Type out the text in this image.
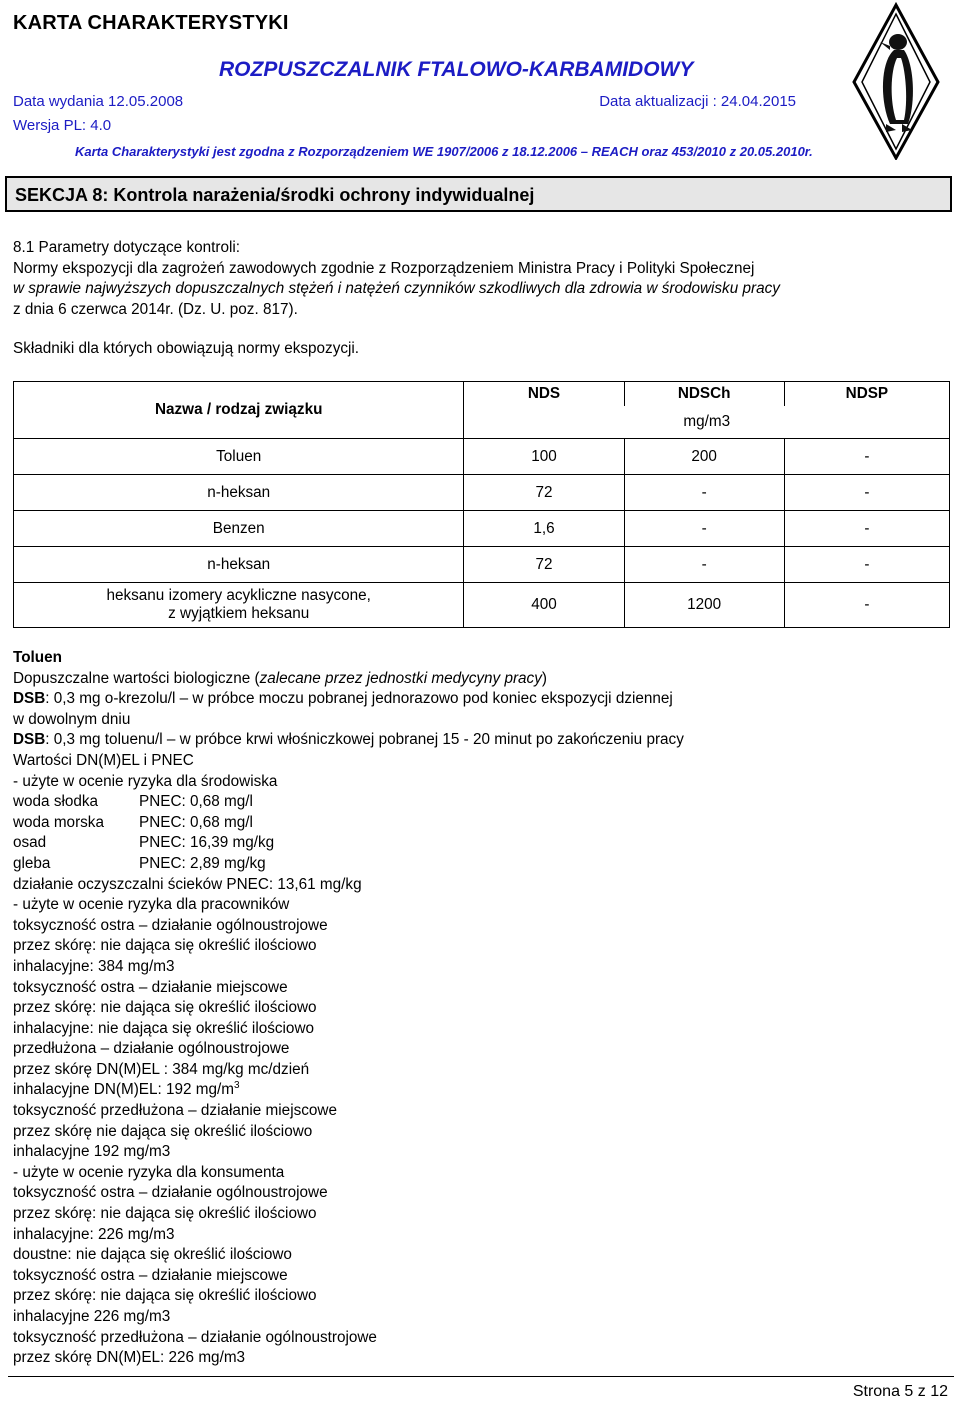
KARTA CHARAKTERYSTYKI
ROZPUSZCZALNIK FTALOWO-KARBAMIDOWY
Data wydania 12.05.2008	Data aktualizacji : 24.04.2015
Wersja PL: 4.0
Karta Charakterystyki jest zgodna z Rozporządzeniem WE 1907/2006 z 18.12.2006 – REACH oraz 453/2010 z 20.05.2010r.
SEKCJA 8: Kontrola narażenia/środki ochrony indywidualnej
8.1 Parametry dotyczące kontroli:
Normy ekspozycji dla zagrożeń zawodowych zgodnie z Rozporządzeniem Ministra Pracy i Polityki Społecznej
w sprawie najwyższych dopuszczalnych stężeń i natężeń czynników szkodliwych dla zdrowia w środowisku pracy
z dnia 6 czerwca 2014r. (Dz. U. poz. 817).
Składniki dla których obowiązują normy ekspozycji.
Nazwa / rodzaj związku	NDS	NDSCh	NDSP
	mg/m3		
Toluen	100	200	-
n-heksan	72	-	-
Benzen	1,6	-	-
n-heksan	72	-	-

heksanu izomery acykliczne nasycone,
z wyjątkiem heksanu	400	1200	-
Toluen
Dopuszczalne wartości biologiczne (zalecane przez jednostki medycyny pracy)
DSB: 0,3 mg o-krezolu/l – w próbce moczu pobranej jednorazowo pod koniec ekspozycji dziennej
w dowolnym dniu
DSB: 0,3 mg toluenu/l – w próbce krwi włośniczkowej pobranej 15 - 20 minut po zakończeniu pracy
Wartości DN(M)EL i PNEC
- użyte w ocenie ryzyka dla środowiska
woda słodka	PNEC: 0,68 mg/l
woda morska PNEC: 0,68 mg/l
osad	PNEC: 16,39 mg/kg
gleba	PNEC: 2,89 mg/kg
działanie oczyszczalni ścieków PNEC: 13,61 mg/kg
- użyte w ocenie ryzyka dla pracowników
toksyczność ostra – działanie ogólnoustrojowe
przez skórę: nie dająca się określić ilościowo
inhalacyjne: 384 mg/m3
toksyczność ostra – działanie miejscowe
przez skórę: nie dająca się określić ilościowo
inhalacyjne: nie dająca się określić ilościowo
przedłużona – działanie ogólnoustrojowe
przez skórę DN(M)EL : 384 mg/kg mc/dzień
inhalacyjne DN(M)EL: 192 $mg/m^3$
toksyczność przedłużona – działanie miejscowe
przez skórę nie dająca się określić ilościowo
inhalacyjne 192 mg/m3
- użyte w ocenie ryzyka dla konsumenta
toksyczność ostra – działanie ogólnoustrojowe
przez skórę: nie dająca się określić ilościowo
inhalacyjne: 226 mg/m3
doustne: nie dająca się określić ilościowo
toksyczność ostra – działanie miejscowe
przez skórę: nie dająca się określić ilościowo
inhalacyjne 226 mg/m3
toksyczność przedłużona – działanie ogólnoustrojowe
przez skórę DN(M)EL: 226 mg/m3
Strona 5 z 12
